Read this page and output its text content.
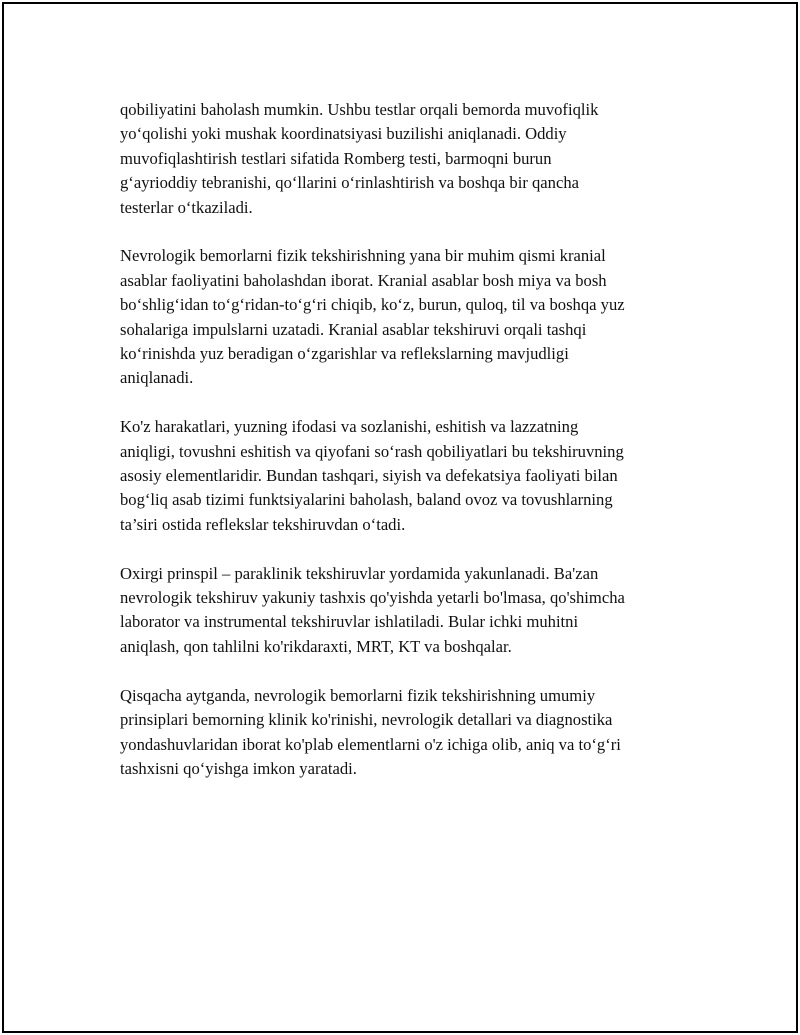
qobiliyatini baholash mumkin. Ushbu testlar orqali bemorda muvofiqlik
yo‘qolishi yoki mushak koordinatsiyasi buzilishi aniqlanadi. Oddiy
muvofiqlashtirish testlari sifatida Romberg testi, barmoqni burun
g‘ayrioddiy tebranishi, qo‘llarini o‘rinlashtirish va boshqa bir qancha
testerlar o‘tkaziladi.

Nevrologik bemorlarni fizik tekshirishning yana bir muhim qismi kranial
asablar faoliyatini baholashdan iborat. Kranial asablar bosh miya va bosh
bo‘shlig‘idan to‘g‘ridan-to‘g‘ri chiqib, ko‘z, burun, quloq, til va boshqa yuz
sohalariga impulslarni uzatadi. Kranial asablar tekshiruvi orqali tashqi
ko‘rinishda yuz beradigan o‘zgarishlar va reflekslarning mavjudligi
aniqlanadi.

Ko'z harakatlari, yuzning ifodasi va sozlanishi, eshitish va lazzatning
aniqligi, tovushni eshitish va qiyofani so‘rash qobiliyatlari bu tekshiruvning
asosiy elementlaridir. Bundan tashqari, siyish va defekatsiya faoliyati bilan
bog‘liq asab tizimi funktsiyalarini baholash, baland ovoz va tovushlarning
ta’siri ostida reflekslar tekshiruvdan o‘tadi.

Oxirgi prinspil – paraklinik tekshiruvlar yordamida yakunlanadi. Ba'zan
nevrologik tekshiruv yakuniy tashxis qo'yishda yetarli bo'lmasa, qo'shimcha
laborator va instrumental tekshiruvlar ishlatiladi. Bular ichki muhitni
aniqlash, qon tahlilni ko'rikdaraxti, MRT, KT va boshqalar.

Qisqacha aytganda, nevrologik bemorlarni fizik tekshirishning umumiy
prinsiplari bemorning klinik ko'rinishi, nevrologik detallari va diagnostika
yondashuvlaridan iborat ko'plab elementlarni o'z ichiga olib, aniq va to‘g‘ri
tashxisni qo‘yishga imkon yaratadi.
